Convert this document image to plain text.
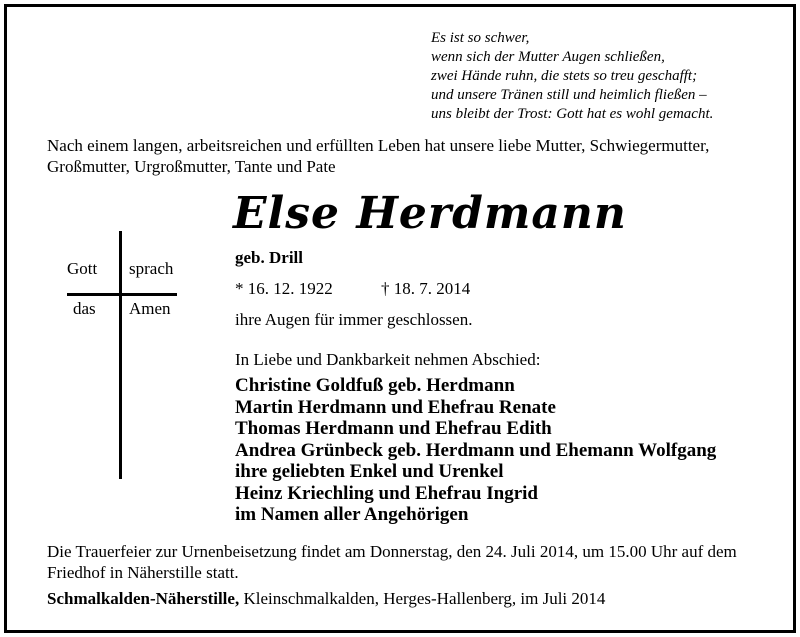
Es ist so schwer,
wenn sich der Mutter Augen schließen,
zwei Hände ruhn, die stets so treu geschafft;
und unsere Tränen still und heimlich fließen –
uns bleibt der Trost: Gott hat es wohl gemacht.
Nach einem langen, arbeitsreichen und erfüllten Leben hat unsere liebe Mutter, Schwiegermutter, Großmutter, Urgroßmutter, Tante und Pate
Else Herdmann
geb. Drill
* 16. 12. 1922	† 18. 7. 2014
ihre Augen für immer geschlossen.
Gott sprach
das Amen
In Liebe und Dankbarkeit nehmen Abschied:
Christine Goldfuß geb. Herdmann
Martin Herdmann und Ehefrau Renate
Thomas Herdmann und Ehefrau Edith
Andrea Grünbeck geb. Herdmann und Ehemann Wolfgang
ihre geliebten Enkel und Urenkel
Heinz Kriechling und Ehefrau Ingrid
im Namen aller Angehörigen
Die Trauerfeier zur Urnenbeisetzung findet am Donnerstag, den 24. Juli 2014, um 15.00 Uhr auf dem Friedhof in Näherstille statt.
Schmalkalden-Näherstille, Kleinschmalkalden, Herges-Hallenberg, im Juli 2014
